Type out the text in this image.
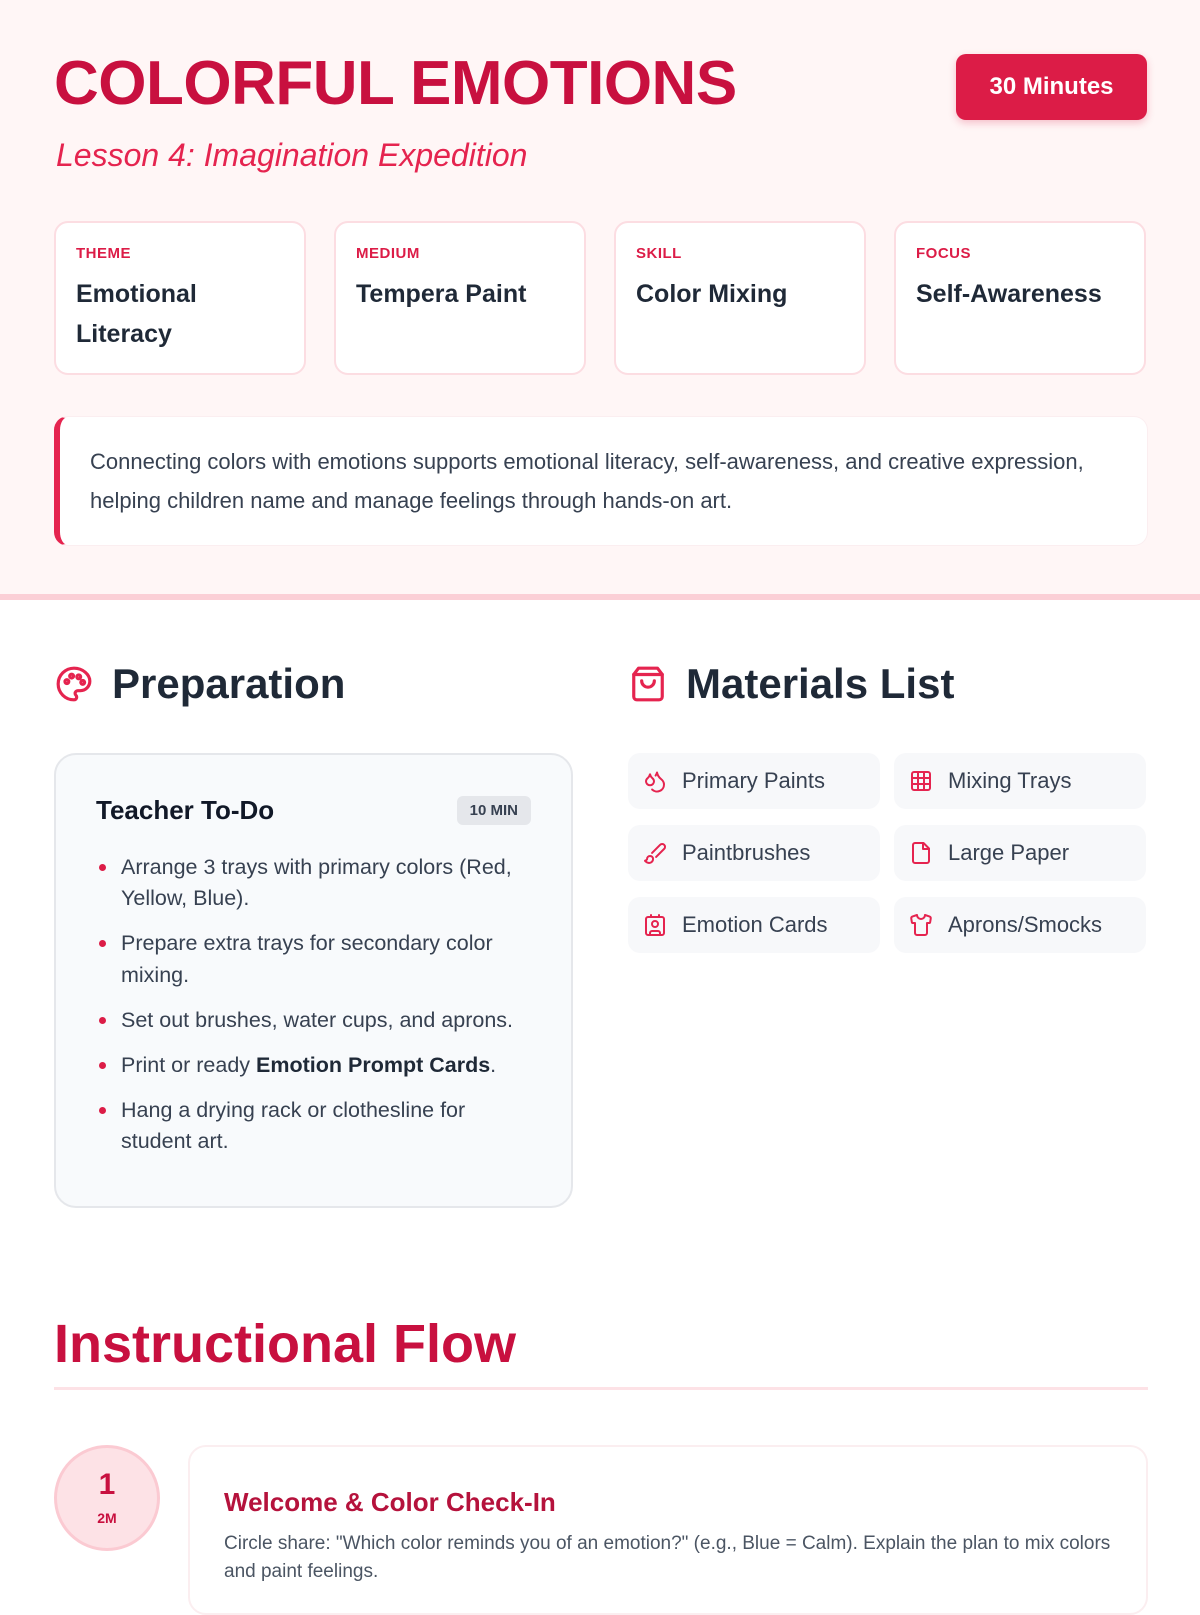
COLORFUL EMOTIONS
Lesson 4: Imagination Expedition
30 Minutes
THEME
Emotional Literacy
MEDIUM
Tempera Paint
SKILL
Color Mixing
FOCUS
Self-Awareness
Connecting colors with emotions supports emotional literacy, self-awareness, and creative expression, helping children name and manage feelings through hands-on art.
Preparation
Teacher To-Do	10 MIN
Arrange 3 trays with primary colors (Red, Yellow, Blue).
Prepare extra trays for secondary color mixing.
Set out brushes, water cups, and aprons.
Print or ready Emotion Prompt Cards.
Hang a drying rack or clothesline for student art.
Materials List
Primary Paints	Mixing Trays
Paintbrushes	Large Paper
Emotion Cards	Aprons/Smocks
Instructional Flow
1
2M
Welcome & Color Check-In

Circle share: "Which color reminds you of an emotion?" (e.g., Blue = Calm). Explain the plan to mix colors and paint feelings.
